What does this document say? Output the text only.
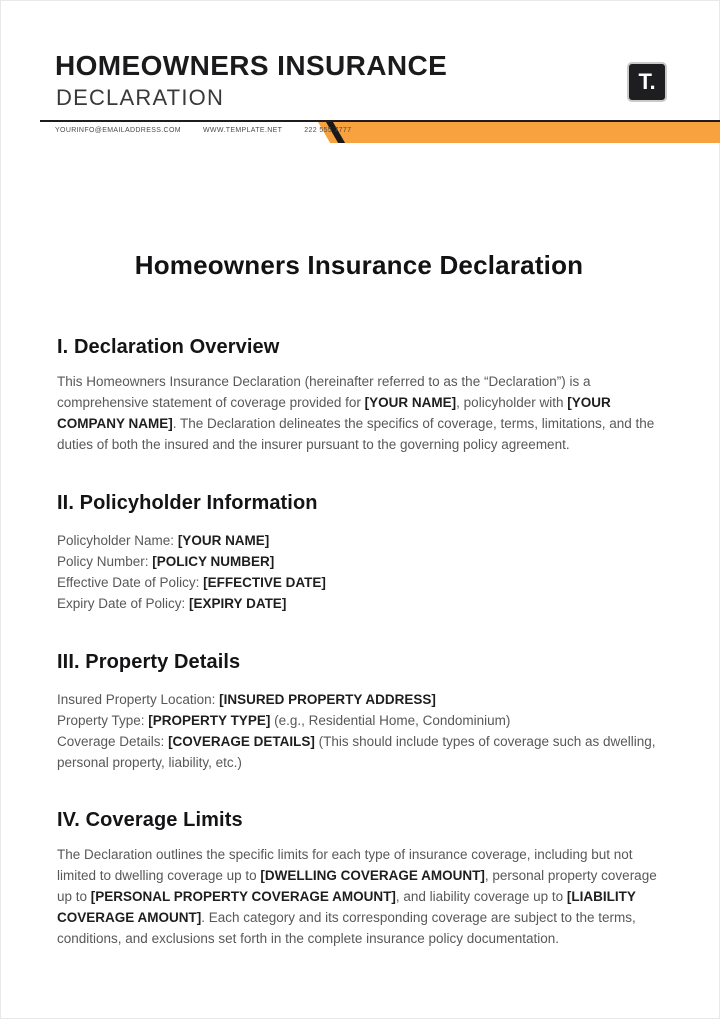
HOMEOWNERS INSURANCE
DECLARATION
T.
YOURINFO@EMAILADDRESS.COM	WWW.TEMPLATE.NET	222 555 7777
Homeowners Insurance Declaration
I. Declaration Overview

This Homeowners Insurance Declaration (hereinafter referred to as the “Declaration”) is a comprehensive statement of coverage provided for [YOUR NAME], policyholder with [YOUR COMPANY NAME]. The Declaration delineates the specifics of coverage, terms, limitations, and the duties of both the insured and the insurer pursuant to the governing policy agreement.

II. Policyholder Information

Policyholder Name: [YOUR NAME]
Policy Number: [POLICY NUMBER]
Effective Date of Policy: [EFFECTIVE DATE]
Expiry Date of Policy: [EXPIRY DATE]

III. Property Details

Insured Property Location: [INSURED PROPERTY ADDRESS]
Property Type: [PROPERTY TYPE] (e.g., Residential Home, Condominium)
Coverage Details: [COVERAGE DETAILS] (This should include types of coverage such as dwelling, personal property, liability, etc.)

IV. Coverage Limits

The Declaration outlines the specific limits for each type of insurance coverage, including but not limited to dwelling coverage up to [DWELLING COVERAGE AMOUNT], personal property coverage up to [PERSONAL PROPERTY COVERAGE AMOUNT], and liability coverage up to [LIABILITY COVERAGE AMOUNT]. Each category and its corresponding coverage are subject to the terms, conditions, and exclusions set forth in the complete insurance policy documentation.
